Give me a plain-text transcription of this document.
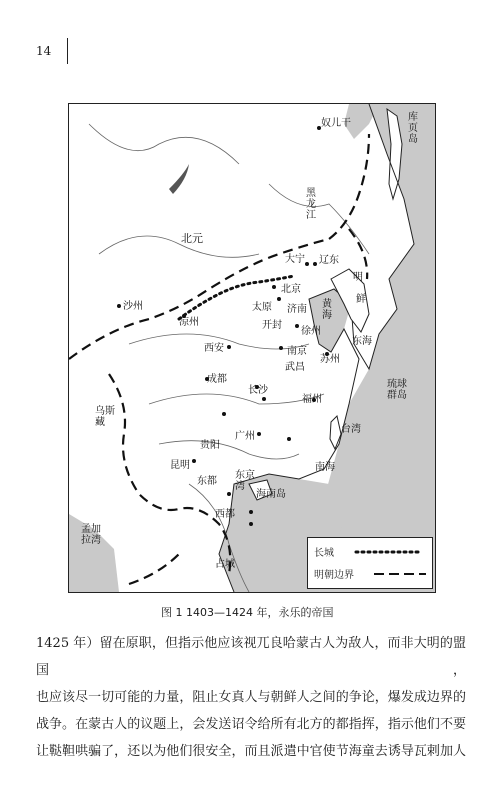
14
奴儿干
库页岛
黑龙江
北元
大宁 辽东
明
鲜
北京
太原 济南 黄海
沙州
凉州	开封
徐州
西安	南京
苏州
东海
成都
武昌
长沙
福州
琉球群岛
乌斯藏
贵阳
昆明
广州
台湾
南海
东都
东京湾
海南岛
西都
孟加拉湾
占城
长城
明朝边界
图 1 1403—1424 年，永乐的帝国

1425 年）留在原职，但指示他应该视兀良哈蒙古人为敌人，而非大明的盟国，

也应该尽一切可能的力量，阻止女真人与朝鲜人之间的争论，爆发成边界的

战争。在蒙古人的议题上，会发送诏令给所有北方的都指挥，指示他们不要

让鞑靼哄骗了，还以为他们很安全，而且派遣中官使节海童去诱导瓦剌加人
